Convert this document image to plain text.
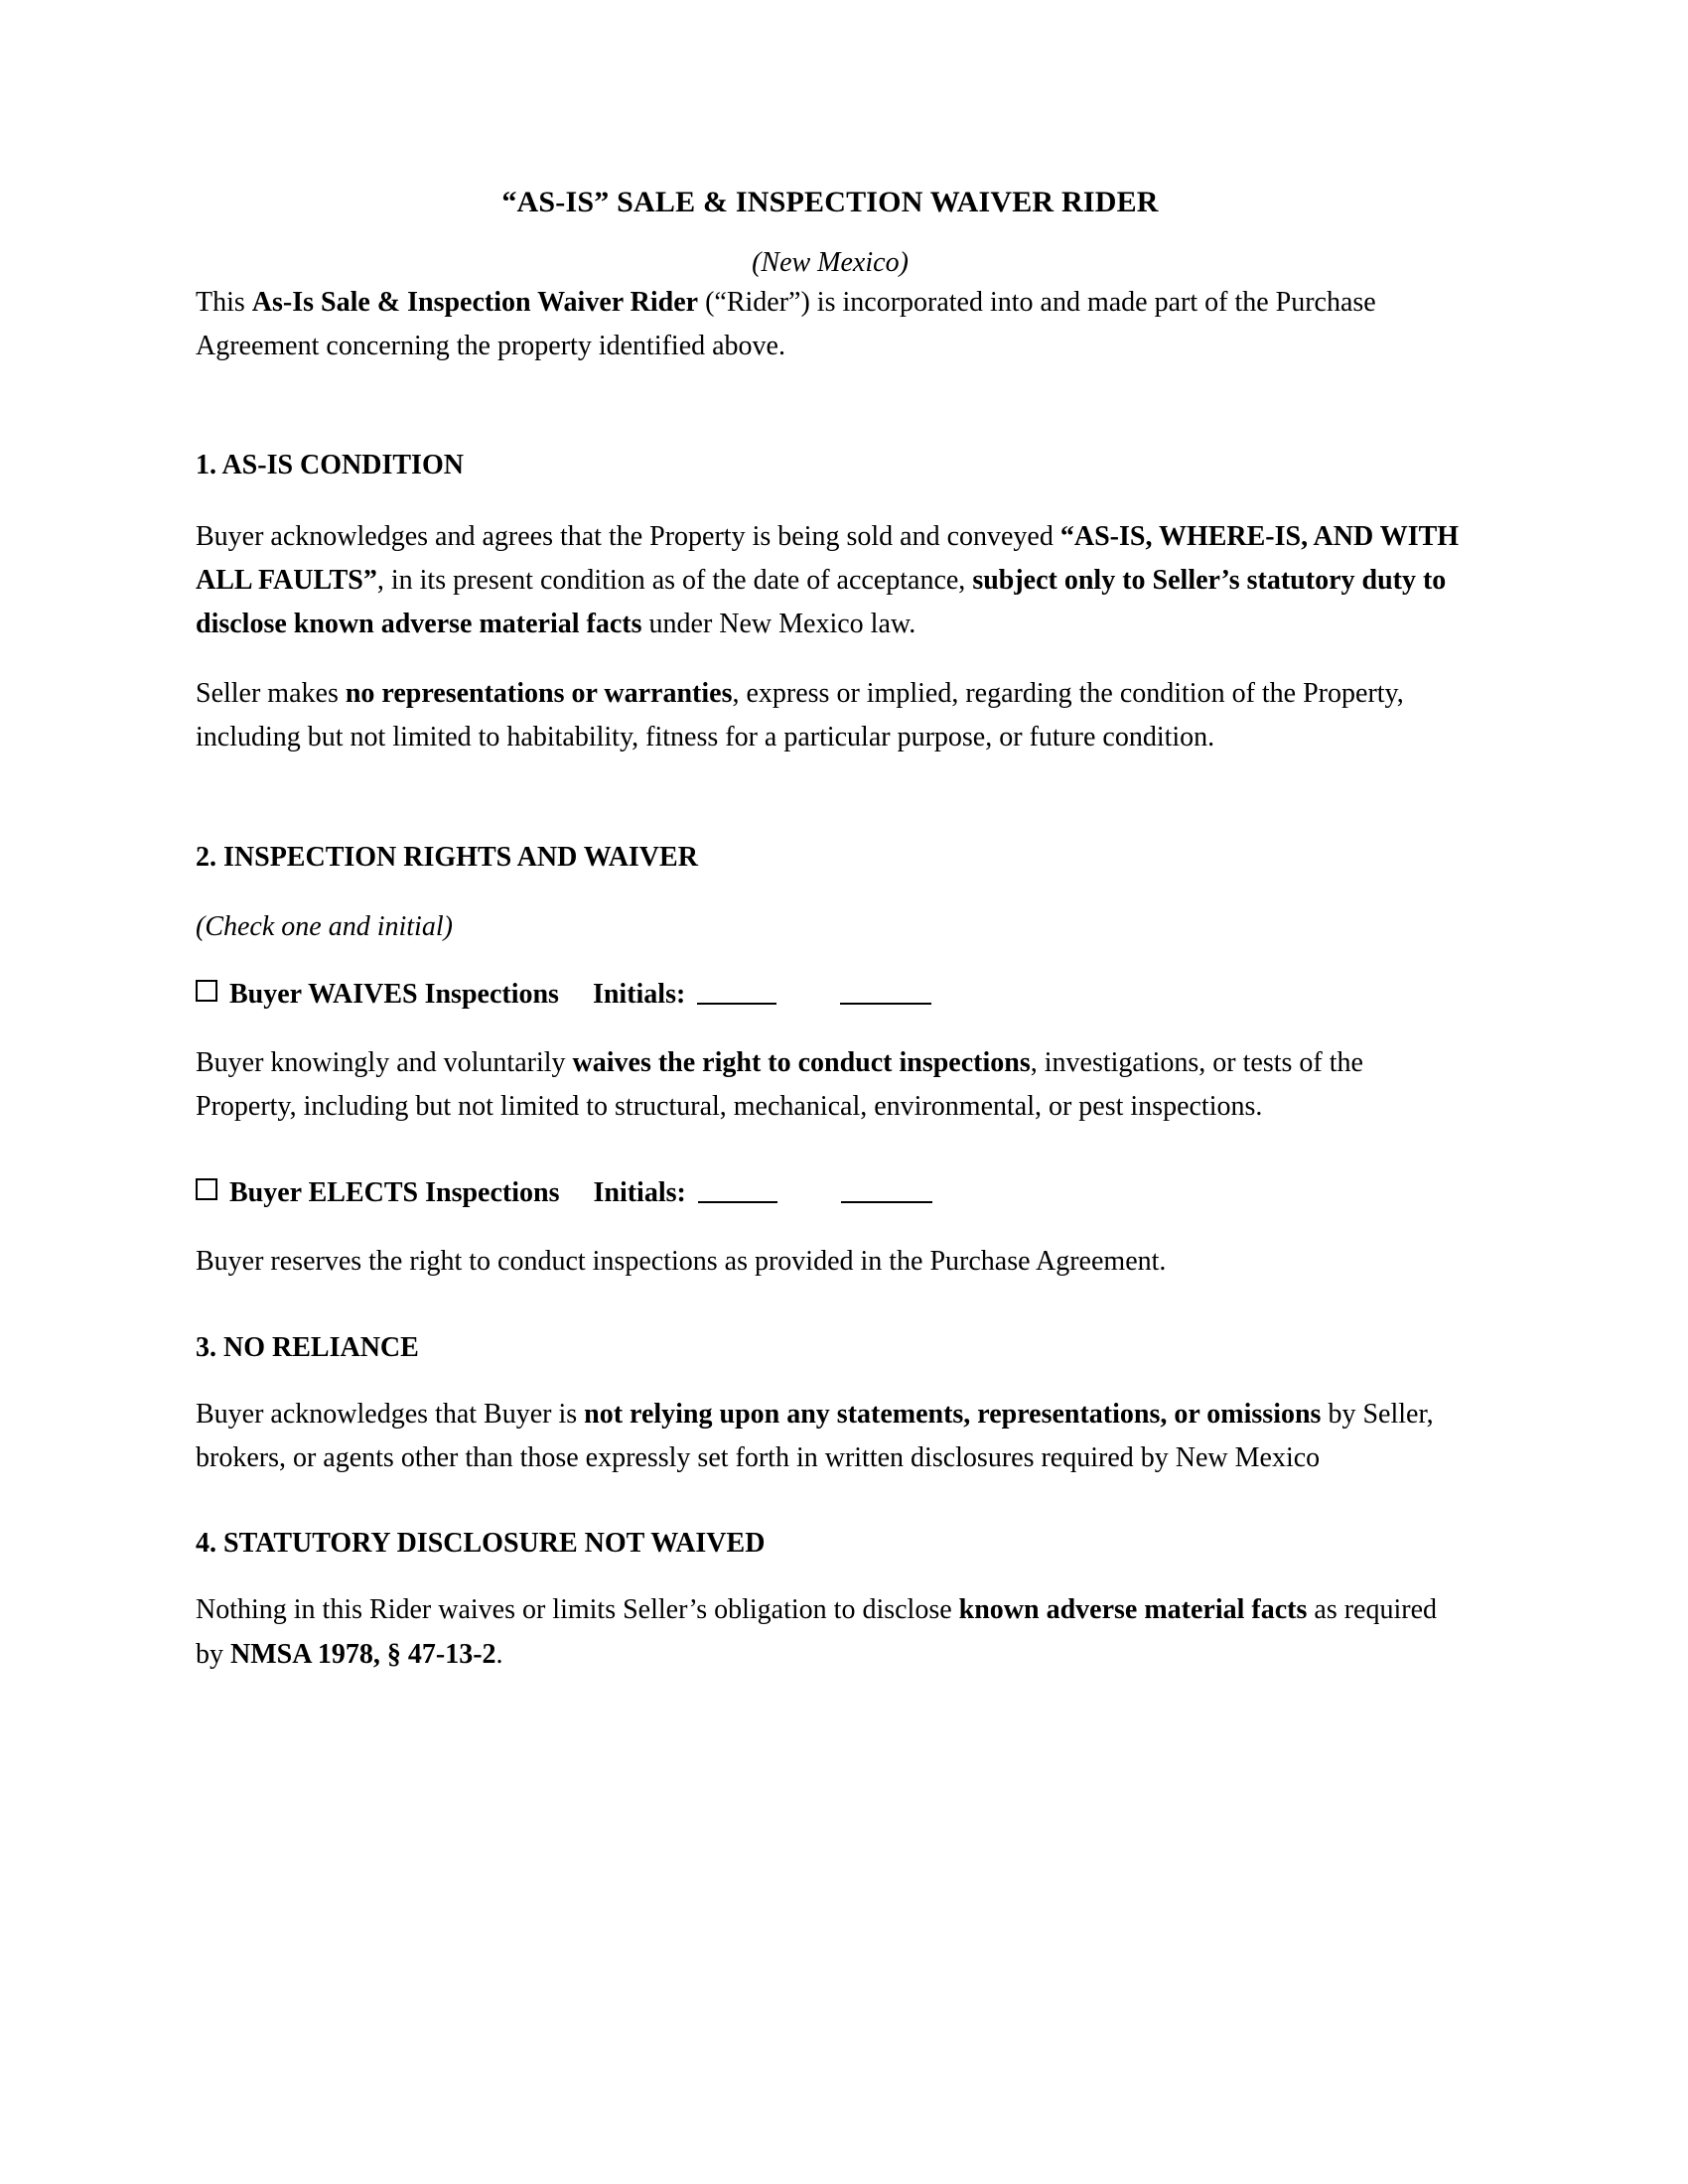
“AS-IS” SALE & INSPECTION WAIVER RIDER
(New Mexico)

This As-Is Sale & Inspection Waiver Rider (“Rider”) is incorporated into and made part of the Purchase Agreement concerning the property identified above.

1. AS-IS CONDITION

Buyer acknowledges and agrees that the Property is being sold and conveyed “AS-IS, WHERE-IS, AND WITH ALL FAULTS”, in its present condition as of the date of acceptance, subject only to Seller’s statutory duty to disclose known adverse material facts under New Mexico law.

Seller makes no representations or warranties, express or implied, regarding the condition of the Property, including but not limited to habitability, fitness for a particular purpose, or future condition.

2. INSPECTION RIGHTS AND WAIVER

(Check one and initial)

Buyer WAIVES Inspections Initials:

Buyer knowingly and voluntarily waives the right to conduct inspections, investigations, or tests of the Property, including but not limited to structural, mechanical, environmental, or pest inspections.

Buyer ELECTS Inspections Initials:

Buyer reserves the right to conduct inspections as provided in the Purchase Agreement.

3. NO RELIANCE

Buyer acknowledges that Buyer is not relying upon any statements, representations, or omissions by Seller, brokers, or agents other than those expressly set forth in written disclosures required by New Mexico

4. STATUTORY DISCLOSURE NOT WAIVED

Nothing in this Rider waives or limits Seller’s obligation to disclose known adverse material facts as required by NMSA 1978, § 47-13-2.
